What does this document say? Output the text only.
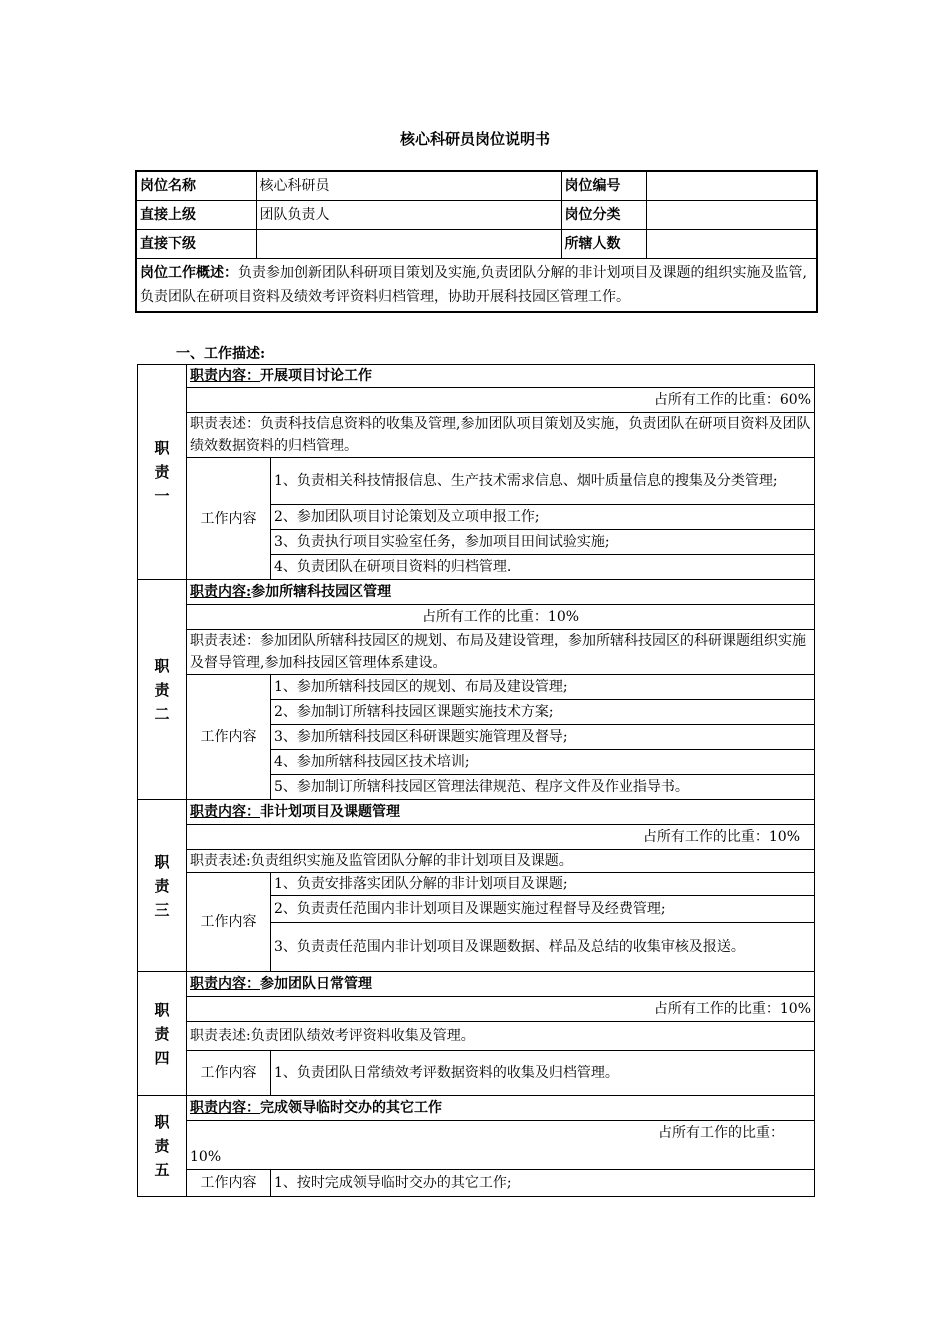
核心科研员岗位说明书
岗位名称	核心科研员	岗位编号	
直接上级	团队负责人	岗位分类	
直接下级		所辖人数	
岗位工作概述：负责参加创新团队科研项目策划及实施,负责团队分解的非计划项目及课题的组织实施及监管,负责团队在研项目资料及绩效考评资料归档管理，协助开展科技园区管理工作。			
一、工作描述:
职责一	职责内容：开展项目讨论工作	
	占所有工作的比重：60%	
	职责表述：负责科技信息资料的收集及管理,参加团队项目策划及实施，负责团队在研项目资料及团队绩效数据资料的归档管理。	
	工作内容	1、负责相关科技情报信息、生产技术需求信息、烟叶质量信息的搜集及分类管理;
		2、参加团队项目讨论策划及立项申报工作;
		3、负责执行项目实验室任务，参加项目田间试验实施;
		4、负责团队在研项目资料的归档管理.
职责二	职责内容:参加所辖科技园区管理	
	占所有工作的比重：10%	
	职责表述：参加团队所辖科技园区的规划、布局及建设管理，参加所辖科技园区的科研课题组织实施及督导管理,参加科技园区管理体系建设。	
	工作内容	1、参加所辖科技园区的规划、布局及建设管理;
		2、参加制订所辖科技园区课题实施技术方案;
		3、参加所辖科技园区科研课题实施管理及督导;
		4、参加所辖科技园区技术培训;
		5、参加制订所辖科技园区管理法律规范、程序文件及作业指导书。
职责三	职责内容：非计划项目及课题管理	
	占所有工作的比重：10%	
	职责表述:负责组织实施及监管团队分解的非计划项目及课题。	
	工作内容	1、负责安排落实团队分解的非计划项目及课题;
		2、负责责任范围内非计划项目及课题实施过程督导及经费管理;
		3、负责责任范围内非计划项目及课题数据、样品及总结的收集审核及报送。
职责四	职责内容：参加团队日常管理	
	占所有工作的比重：10%	
	职责表述:负责团队绩效考评资料收集及管理。	
	工作内容	1、负责团队日常绩效考评数据资料的收集及归档管理。
职责五	职责内容：完成领导临时交办的其它工作	
	占所有工作的比重：	
	10%	
	工作内容	1、按时完成领导临时交办的其它工作;
